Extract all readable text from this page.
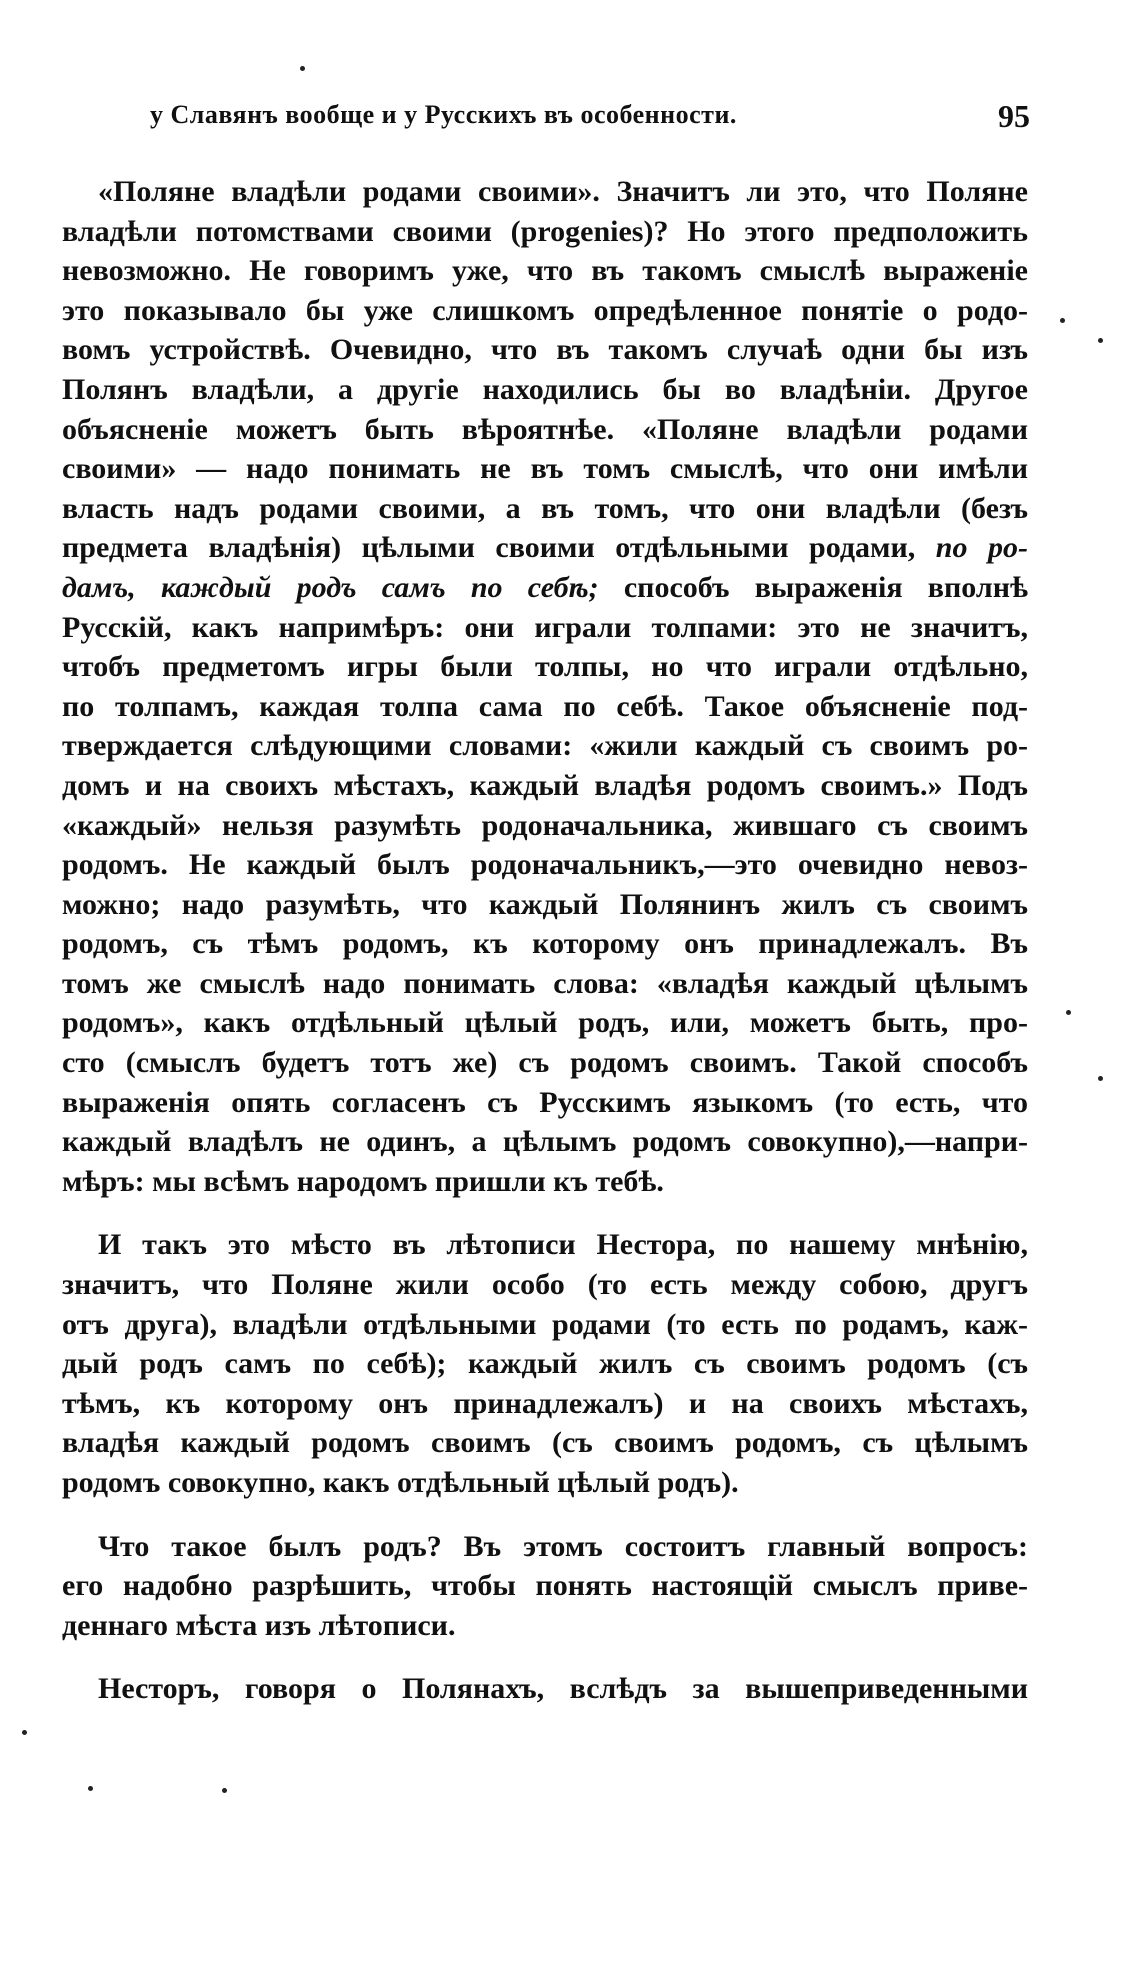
у Славянъ вообще и у Русскихъ въ особенности.	95
«Поляне владѣли родами своими». Значитъ ли это, что Поляне
владѣли потомствами своими (progenies)? Но этого предположить
невозможно. Не говоримъ уже, что въ такомъ смыслѣ выраженіе
это показывало бы уже слишкомъ опредѣленное понятіе о родо-
вомъ устройствѣ. Очевидно, что въ такомъ случаѣ одни бы изъ
Полянъ владѣли, а другіе находились бы во владѣніи. Другое
объясненіе можетъ быть вѣроятнѣе. «Поляне владѣли родами
своими» — надо понимать не въ томъ смыслѣ, что они имѣли
власть надъ родами своими, а въ томъ, что они владѣли (безъ
предмета владѣнія) цѣлыми своими отдѣльными родами, по ро-
дамъ, каждый родъ самъ по себѣ; способъ выраженія вполнѣ
Русскій, какъ напримѣръ: они играли толпами: это не значитъ,
чтобъ предметомъ игры были толпы, но что играли отдѣльно,
по толпамъ, каждая толпа сама по себѣ. Такое объясненіе под-
тверждается слѣдующими словами: «жили каждый съ своимъ ро-
домъ и на своихъ мѣстахъ, каждый владѣя родомъ своимъ.» Подъ
«каждый» нельзя разумѣть родоначальника, жившаго съ своимъ
родомъ. Не каждый былъ родоначальникъ,—это очевидно невоз-
можно; надо разумѣть, что каждый Полянинъ жилъ съ своимъ
родомъ, съ тѣмъ родомъ, къ которому онъ принадлежалъ. Въ
томъ же смыслѣ надо понимать слова: «владѣя каждый цѣлымъ
родомъ», какъ отдѣльный цѣлый родъ, или, можетъ быть, про-
сто (смыслъ будетъ тотъ же) съ родомъ своимъ. Такой способъ
выраженія опять согласенъ съ Русскимъ языкомъ (то есть, что
каждый владѣлъ не одинъ, а цѣлымъ родомъ совокупно),—напри-
мѣръ: мы всѣмъ народомъ пришли къ тебѣ.
И такъ это мѣсто въ лѣтописи Нестора, по нашему мнѣнію,
значитъ, что Поляне жили особо (то есть между собою, другъ
отъ друга), владѣли отдѣльными родами (то есть по родамъ, каж-
дый родъ самъ по себѣ); каждый жилъ съ своимъ родомъ (съ
тѣмъ, къ которому онъ принадлежалъ) и на своихъ мѣстахъ,
владѣя каждый родомъ своимъ (съ своимъ родомъ, съ цѣлымъ
родомъ совокупно, какъ отдѣльный цѣлый родъ).
Что такое былъ родъ? Въ этомъ состоитъ главный вопросъ:
его надобно разрѣшить, чтобы понять настоящій смыслъ приве-
деннаго мѣста изъ лѣтописи.
Несторъ, говоря о Полянахъ, вслѣдъ за вышеприведенными
